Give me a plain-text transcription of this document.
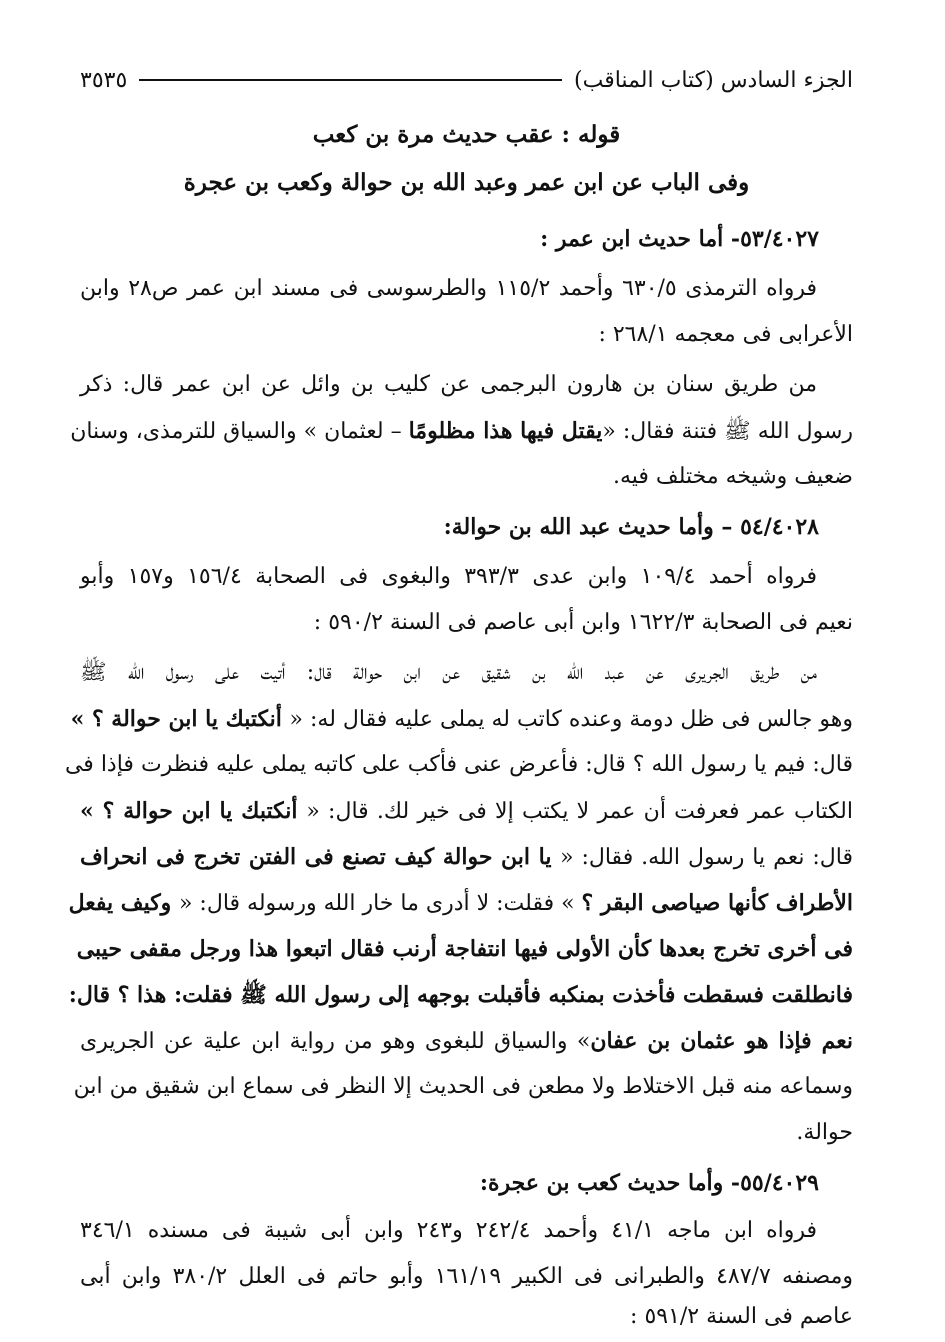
الجزء السادس (كتاب المناقب)
٣٥٣٥
قوله : عقب حديث مرة بن كعب
وفى الباب عن ابن عمر وعبد الله بن حوالة وكعب بن عجرة
٥٣/٤٠٢٧- أما حديث ابن عمر :
فرواه الترمذى ٦٣٠/٥ وأحمد ١١٥/٢ والطرسوسى فى مسند ابن عمر ص٢٨ وابن
الأعرابى فى معجمه ٢٦٨/١ :
من طريق سنان بن هارون البرجمى عن كليب بن وائل عن ابن عمر قال: ذكر
رسول الله ﷺ فتنة فقال: «يقتل فيها هذا مظلومًا – لعثمان » والسياق للترمذى، وسنان
ضعيف وشيخه مختلف فيه.
٥٤/٤٠٢٨ – وأما حديث عبد الله بن حوالة:
فرواه أحمد ١٠٩/٤ وابن عدى ٣٩٣/٣ والبغوى فى الصحابة ١٥٦/٤ و١٥٧ وأبو
نعيم فى الصحابة ١٦٢٢/٣ وابن أبى عاصم فى السنة ٥٩٠/٢ :
من طريق الجريرى عن عبد الله بن شقيق عن ابن حوالة قال: أتيت على رسول الله ﷺ
وهو جالس فى ظل دومة وعنده كاتب له يملى عليه فقال له: « أنكتبك يا ابن حوالة ؟ »
قال: فيم يا رسول الله ؟ قال: فأعرض عنى فأكب على كاتبه يملى عليه فنظرت فإذا فى
الكتاب عمر فعرفت أن عمر لا يكتب إلا فى خير لك. قال: « أنكتبك يا ابن حوالة ؟ »
قال: نعم يا رسول الله. فقال: « يا ابن حوالة كيف تصنع فى الفتن تخرج فى انحراف
الأطراف كأنها صياصى البقر ؟ » فقلت: لا أدرى ما خار الله ورسوله قال: « وكيف يفعل
فى أخرى تخرج بعدها كأن الأولى فيها انتفاجة أرنب فقال اتبعوا هذا ورجل مقفى حيبى
فانطلقت فسقطت فأخذت بمنكبه فأقبلت بوجهه إلى رسول الله ﷺ فقلت: هذا ؟ قال:
نعم فإذا هو عثمان بن عفان» والسياق للبغوى وهو من رواية ابن علية عن الجريرى
وسماعه منه قبل الاختلاط ولا مطعن فى الحديث إلا النظر فى سماع ابن شقيق من ابن
حوالة.
٥٥/٤٠٢٩- وأما حديث كعب بن عجرة:
فرواه ابن ماجه ٤١/١ وأحمد ٢٤٢/٤ و٢٤٣ وابن أبى شيبة فى مسنده ٣٤٦/١
ومصنفه ٤٨٧/٧ والطبرانى فى الكبير ١٦١/١٩ وأبو حاتم فى العلل ٣٨٠/٢ وابن أبى
عاصم فى السنة ٥٩١/٢ :
